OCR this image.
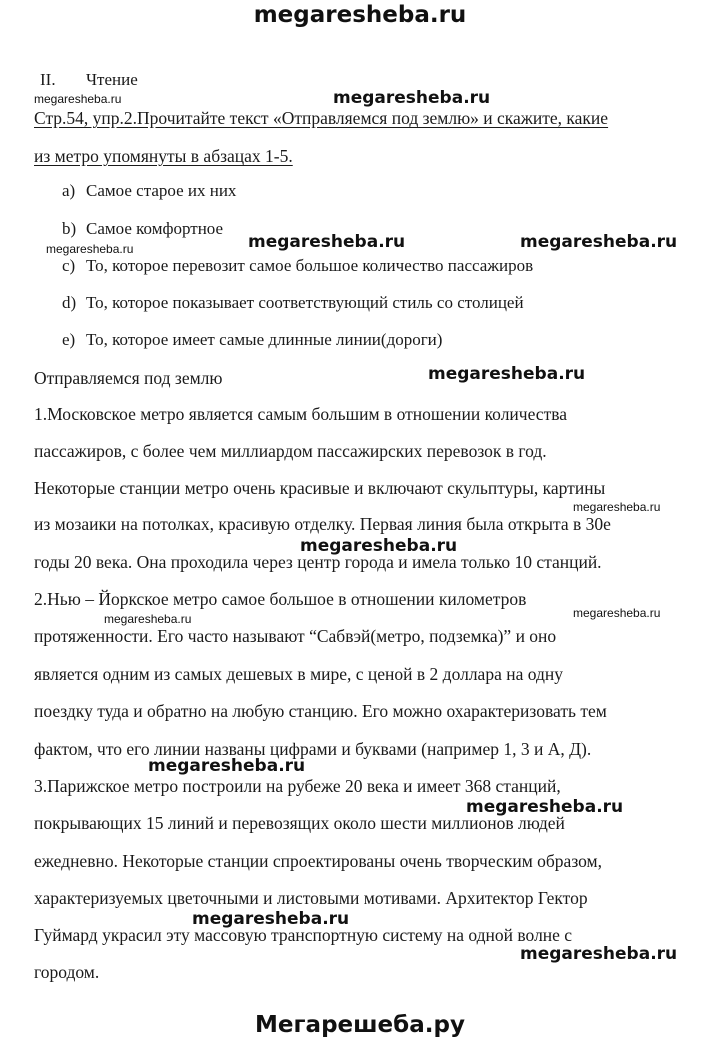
megaresheba.ru
Мегарешеба.ру
II. Чтение
Стр.54, упр.2.Прочитайте текст «Отправляемся под землю» и скажите, какие
из метро упомянуты в абзацах 1-5.
a) Самое старое их них
b) Самое комфортное
c) То, которое перевозит самое большое количество пассажиров
d) То, которое показывает соответствующий стиль со столицей
e) То, которое имеет самые длинные линии(дороги)
Отправляемся под землю
1.Московское метро является самым большим в отношении количества
пассажиров, с более чем миллиардом пассажирских перевозок в год.
Некоторые станции метро очень красивые и включают скульптуры, картины
из мозаики на потолках, красивую отделку. Первая линия была открыта в 30е
годы 20 века. Она проходила через центр города и имела только 10 станций.
2.Нью – Йоркское метро самое большое в отношении километров
протяженности. Его часто называют “Сабвэй(метро, подземка)” и оно
является одним из самых дешевых в мире, с ценой в 2 доллара на одну
поездку туда и обратно на любую станцию. Его можно охарактеризовать тем
фактом, что его линии названы цифрами и буквами (например 1, 3 и А, Д).
3.Парижское метро построили на рубеже 20 века и имеет 368 станций,
покрывающих 15 линий и перевозящих около шести миллионов людей
ежедневно. Некоторые станции спроектированы очень творческим образом,
характеризуемых цветочными и листовыми мотивами. Архитектор Гектор
Гуймард украсил эту массовую транспортную систему на одной волне с
городом.
megaresheba.ru
megaresheba.ru	megaresheba.ru
megaresheba.ru
megaresheba.ru
megaresheba.ru
megaresheba.ru
megaresheba.ru
megaresheba.ru
megaresheba.ru
megaresheba.ru
megaresheba.ru
megaresheba.ru
megaresheba.ru
